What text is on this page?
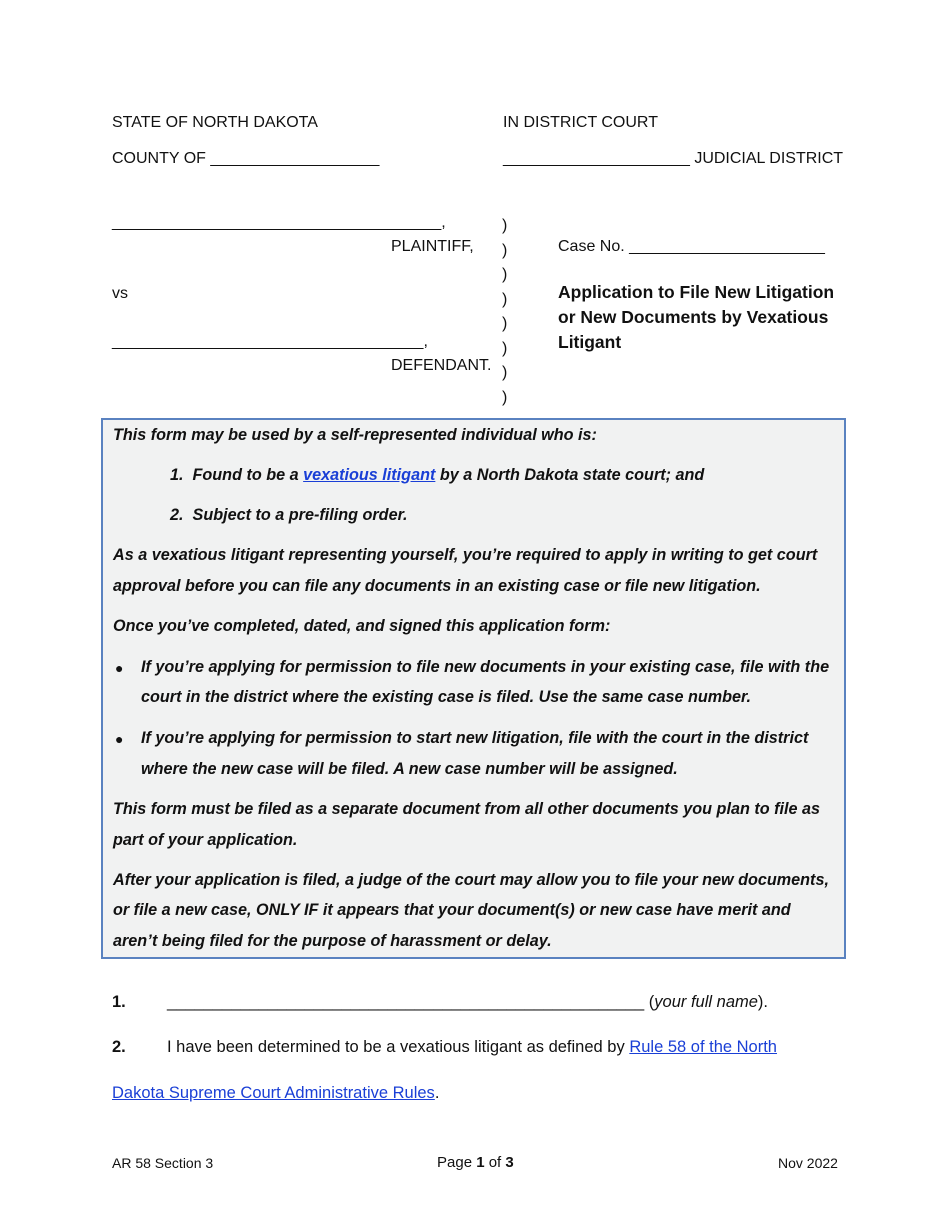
STATE OF NORTH DAKOTA	IN DISTRICT COURT
COUNTY OF ___________________	_____________________ JUDICIAL DISTRICT
_____________________________________,
PLAINTIFF,
vs
___________________________________,
DEFENDANT.
)
)
)
)
)
)
)
)
Case No. ______________________
Application to File New Litigation
or New Documents by Vexatious
Litigant
This form may be used by a self-represented individual who is:
1. Found to be a vexatious litigant by a North Dakota state court; and
2. Subject to a pre-filing order.
As a vexatious litigant representing yourself, you’re required to apply in writing to get court
approval before you can file any documents in an existing case or file new litigation.
Once you’ve completed, dated, and signed this application form:
● If you’re applying for permission to file new documents in your existing case, file with the
court in the district where the existing case is filed. Use the same case number.
● If you’re applying for permission to start new litigation, file with the court in the district
where the new case will be filed. A new case number will be assigned.
This form must be filed as a separate document from all other documents you plan to file as
part of your application.
After your application is filed, a judge of the court may allow you to file your new documents,
or file a new case, ONLY IF it appears that your document(s) or new case have merit and
aren’t being filed for the purpose of harassment or delay.
1. ____________________________________________________ (your full name).
2. I have been determined to be a vexatious litigant as defined by Rule 58 of the North
Dakota Supreme Court Administrative Rules.
AR 58 Section 3	Page 1 of 3	Nov 2022
